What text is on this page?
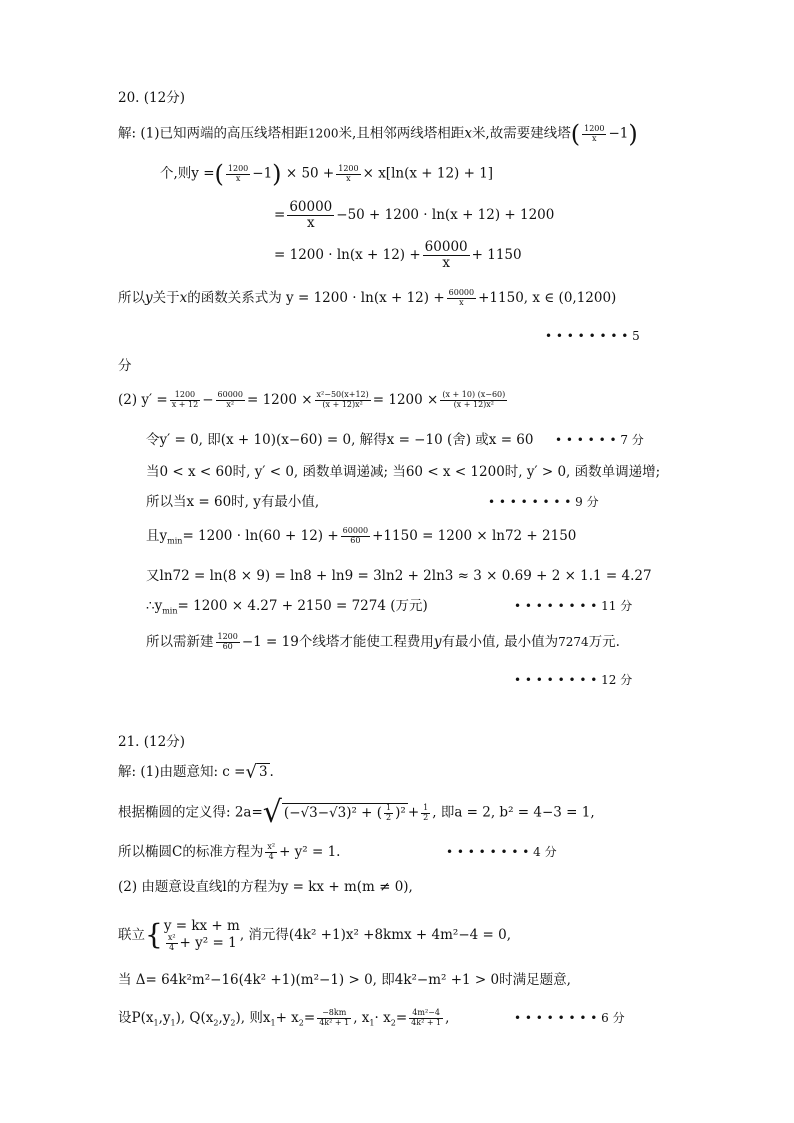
20. (12分)
解: (1)已知两端的高压线塔相距1200米,且相邻两线塔相距x米,故需要建线塔( $\frac{1200}{x} -1$)
个,则y =( $\frac{1200}{x} -1) \times 50 + \frac{1200}{x} \times x[\ln(x + 12) + 1]$
= $\frac{60000}{x} -50 + 1200 \cdot \ln(x + 12) + 1200$
= $1200 \cdot \ln(x + 12) + \frac{60000}{x} + 1150$
所以y关于x的函数关系式为 $y = 1200 \cdot \ln(x + 12) + \frac{60000}{x} +1150$, x ∈ (0,1200)
• • • • • • • • 5
分
(2) $y' = \frac{1200}{x + 12} - \frac{60000}{\text{x²}} = 1200 \times \frac{\text{x²−50(x+12)}}{\text{(x + 12)x²}} = 1200 \times \frac{(x + 10) (x-60)}{\text{(x + 12)x²}}$
令y′ = 0, 即(x + 10)(x−60) = 0, 解得x = −10 (舍) 或x = 60 • • • • • • 7 分
当0 < x < 60时, y′ < 0, 函数单调递减; 当60 < x < 1200时, y′ > 0, 函数单调递增;
所以当x = 60时, y有最小值,	• • • • • • • • 9 分
且$y_{min}= 1200 \cdot \ln(60 + 12) + \frac{60000}{60} +1150 = 1200 \times \ln 72 + 2150$
又ln72 = ln(8 × 9) = ln8 + ln9 = 3ln2 + 2ln3 ≈ 3 × 0.69 + 2 × 1.1 = 4.27
$\therefore y_{min}= 1200 \times 4.27 + 2150 = 7274$ (万元)	• • • • • • • • 11 分
所以需新建 $\frac{1200}{60} -1 = 19$个线塔才能使工程费用y有最小值, 最小值为7274万元.
• • • • • • • • 12 分
21. (12分)
解: (1)由题意知: c =√ 3 .
根据椭圆的定义得: 2a=√ (−√3−√3)² + ( $\frac{1}{2} )^2 + \frac{1}{2}$ , 即a = 2, b² = 4−3 = 1,
所以椭圆C的标准方程为 $\frac{\text{x²}}{4} + y^2 = 1$.	• • • • • • • • 4 分
(2) 由题意设直线l的方程为y = kx + m(m ≠ 0),
联立{ y = kx + m
$\frac{\text{x²}}{4} + y^2 = 1$
, 消元得(4k² +1)x² +8kmx + 4m²−4 = 0,
当 Δ= 64k²m²−16(4k² +1)(m²−1) > 0, 即4k²−m² +1 > 0时满足题意,
设$P(x_1,y_1)$, $Q(x_2,y_2)$, 则$x_1+ x_2= \frac{-8km}{\text{4k² + 1}}$ , $x_1\cdot x_2= \frac{\text{4m²−4}}{\text{4k² + 1}}$ ,	• • • • • • • • 6 分
